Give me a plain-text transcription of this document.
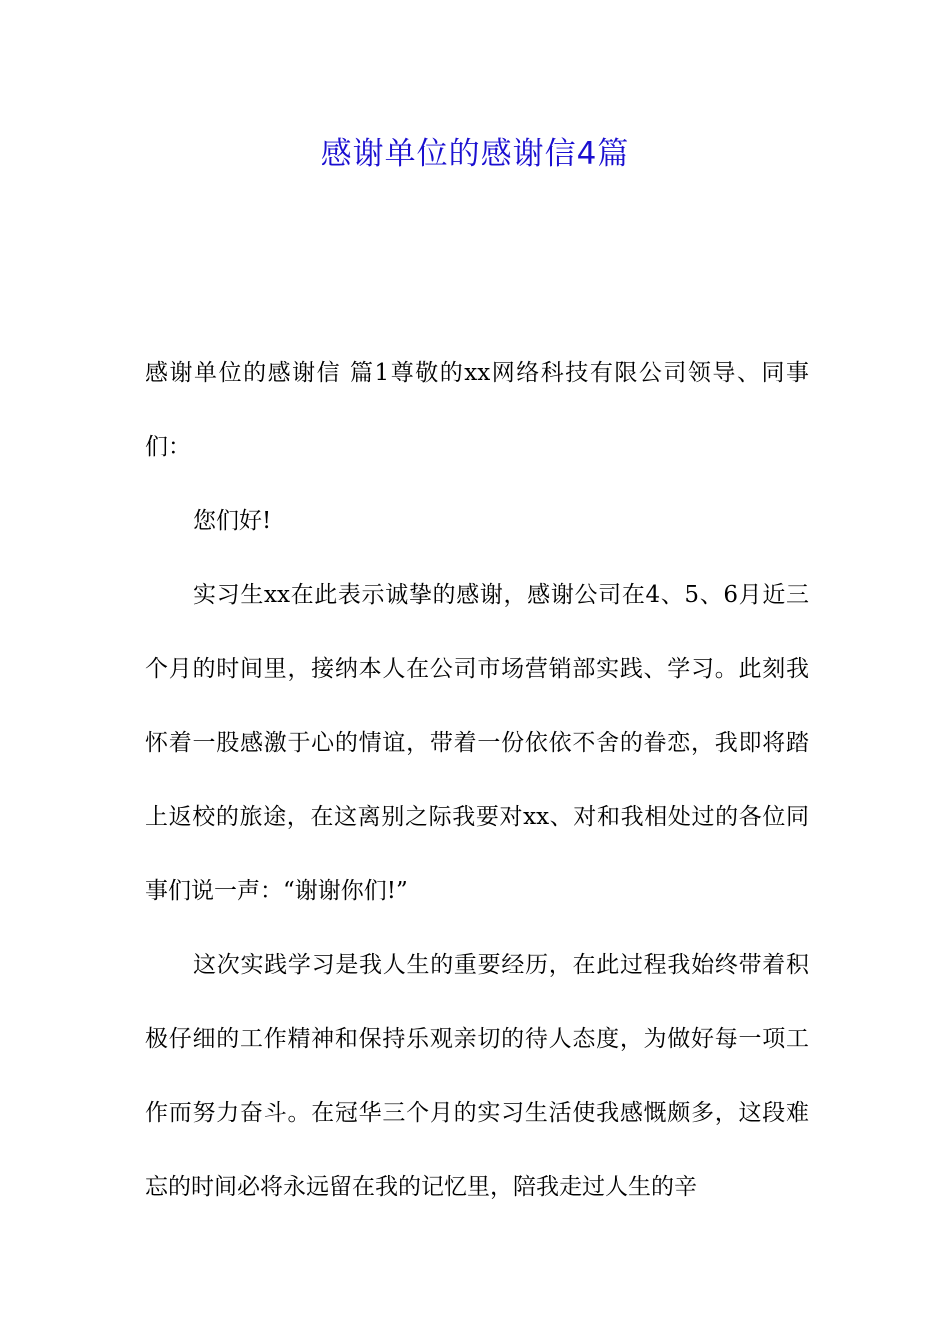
感谢单位的感谢信4篇

感谢单位的感谢信 篇1尊敬的xx网络科技有限公司领导、同事们：

您们好!

实习生xx在此表示诚挚的感谢，感谢公司在4、5、6月近三个月的时间里，接纳本人在公司市场营销部实践、学习。此刻我怀着一股感激于心的情谊，带着一份依依不舍的眷恋，我即将踏上返校的旅途，在这离别之际我要对xx、对和我相处过的各位同事们说一声：“谢谢你们!”

这次实践学习是我人生的重要经历，在此过程我始终带着积极仔细的工作精神和保持乐观亲切的待人态度，为做好每一项工作而努力奋斗。在冠华三个月的实习生活使我感慨颇多，这段难忘的时间必将永远留在我的记忆里，陪我走过人生的辛
